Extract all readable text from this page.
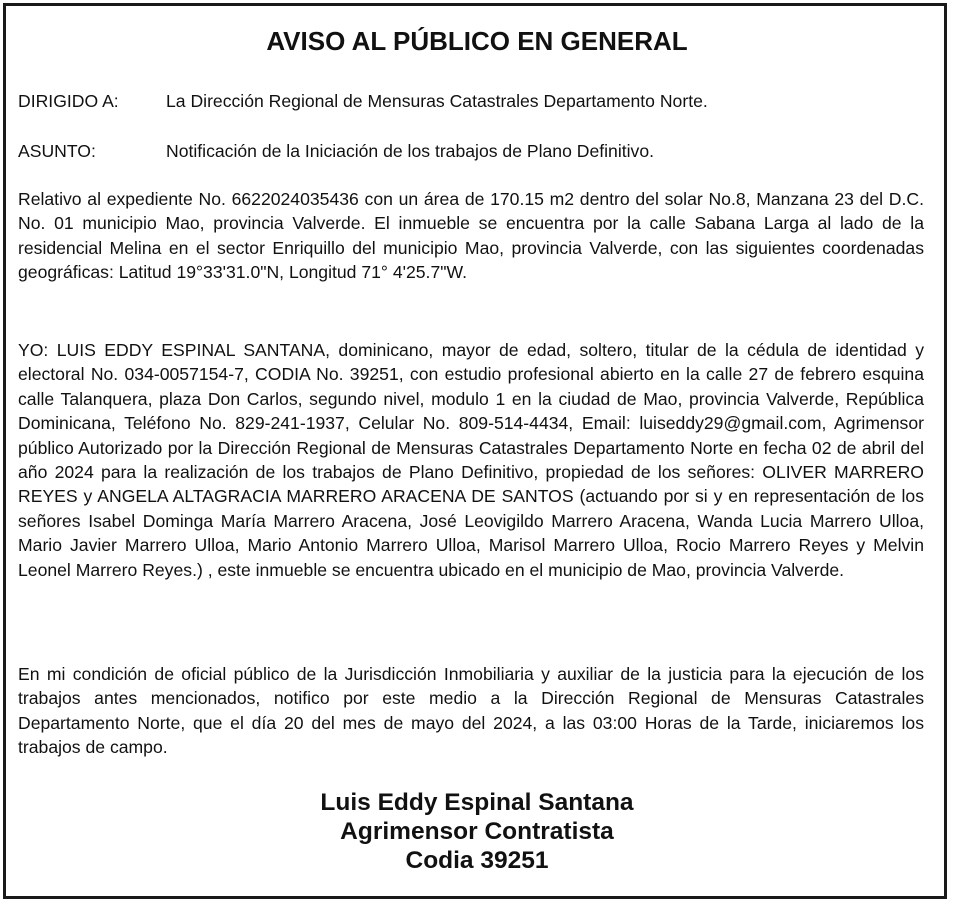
AVISO AL PÚBLICO EN GENERAL
DIRIGIDO A:	La Dirección Regional de Mensuras Catastrales Departamento Norte.
ASUNTO:	Notificación de la Iniciación de los trabajos de Plano Definitivo.
Relativo al expediente No. 6622024035436 con un área de 170.15 m2 dentro del solar No.8, Manzana 23 del D.C. No. 01 municipio Mao, provincia Valverde. El inmueble se encuentra por la calle Sabana Larga al lado de la residencial Melina en el sector Enriquillo del municipio Mao, provincia Valverde, con las siguientes coordenadas geográficas: Latitud 19°33'31.0"N, Longitud 71° 4'25.7"W.
YO: LUIS EDDY ESPINAL SANTANA, dominicano, mayor de edad, soltero, titular de la cédula de identidad y electoral No. 034-0057154-7, CODIA No. 39251, con estudio profesional abierto en la calle 27 de febrero esquina calle Talanquera, plaza Don Carlos, segundo nivel, modulo 1 en la ciudad de Mao, provincia Valverde, República Dominicana, Teléfono No. 829-241-1937, Celular No. 809-514-4434, Email: luiseddy29@gmail.com, Agrimensor público Autorizado por la Dirección Regional de Mensuras Catastrales Departamento Norte en fecha 02 de abril del año 2024 para la realización de los trabajos de Plano Definitivo, propiedad de los señores: OLIVER MARRERO REYES y ANGELA ALTAGRACIA MARRERO ARACENA DE SANTOS (actuando por si y en representación de los señores Isabel Dominga María Marrero Aracena, José Leovigildo Marrero Aracena, Wanda Lucia Marrero Ulloa, Mario Javier Marrero Ulloa, Mario Antonio Marrero Ulloa, Marisol Marrero Ulloa, Rocio Marrero Reyes y Melvin Leonel Marrero Reyes.) , este inmueble se encuentra ubicado en el municipio de Mao, provincia Valverde.
En mi condición de oficial público de la Jurisdicción Inmobiliaria y auxiliar de la justicia para la ejecución de los trabajos antes mencionados, notifico por este medio a la Dirección Regional de Mensuras Catastrales Departamento Norte, que el día 20 del mes de mayo del 2024, a las 03:00 Horas de la Tarde, iniciaremos los trabajos de campo.
Luis Eddy Espinal Santana
Agrimensor Contratista
Codia 39251
